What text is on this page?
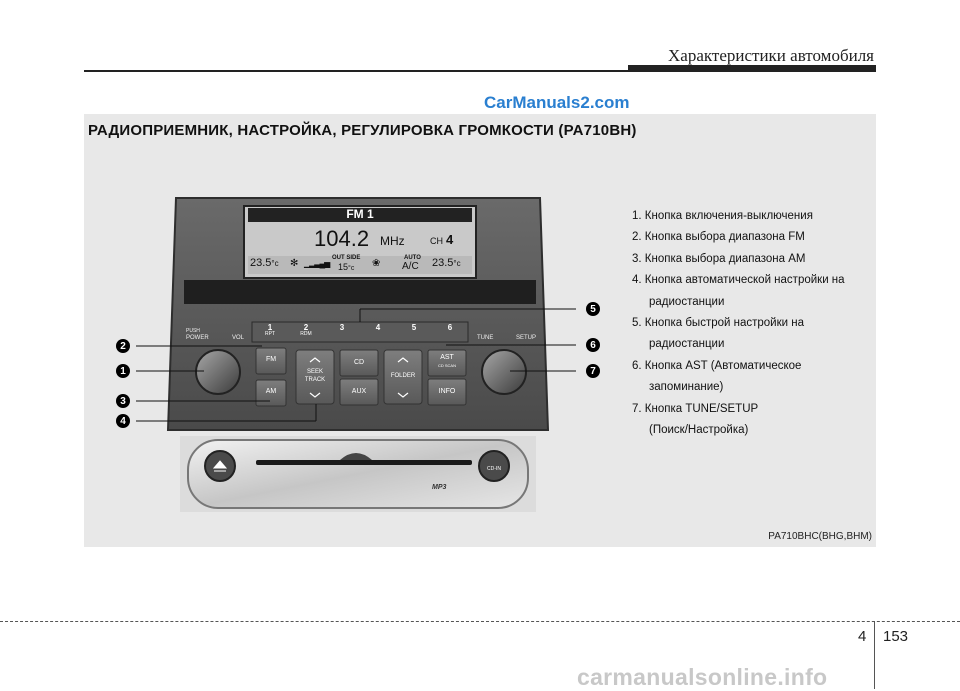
Характеристики автомобиля
CarManuals2.com
РАДИОПРИЕМНИК, НАСТРОЙКА, РЕГУЛИРОВКА ГРОМКОСТИ (PA710BH)
FM 1
104.2 MHz	CH 4
23.5°c ✻ ▁▂▃▄▅
OUT SIDE
15°c ❀	AUTO
A/C 23.5°c
PUSH
POWER	VOL	TUNE	SETUP
1
RPT
2
RDM
3	4	5	6
FM
AM
SEEK
TRACK
CD
AUX
FOLDER
AST
CD SCAN
INFO
CD-IN
MP3
2
1
3
4
5
6
7
1. Кнопка включения-выключения
2. Кнопка выбора диапазона FM
3. Кнопка выбора диапазона AM
4. Кнопка автоматической настройки на
радиостанции
5. Кнопка быстрой настройки на
радиостанции
6. Кнопка AST (Автоматическое
запоминание)
7. Кнопка TUNE/SETUP
(Поиск/Настройка)
PA710BHC(BHG,BHM)
4 153
carmanualsonline.info
